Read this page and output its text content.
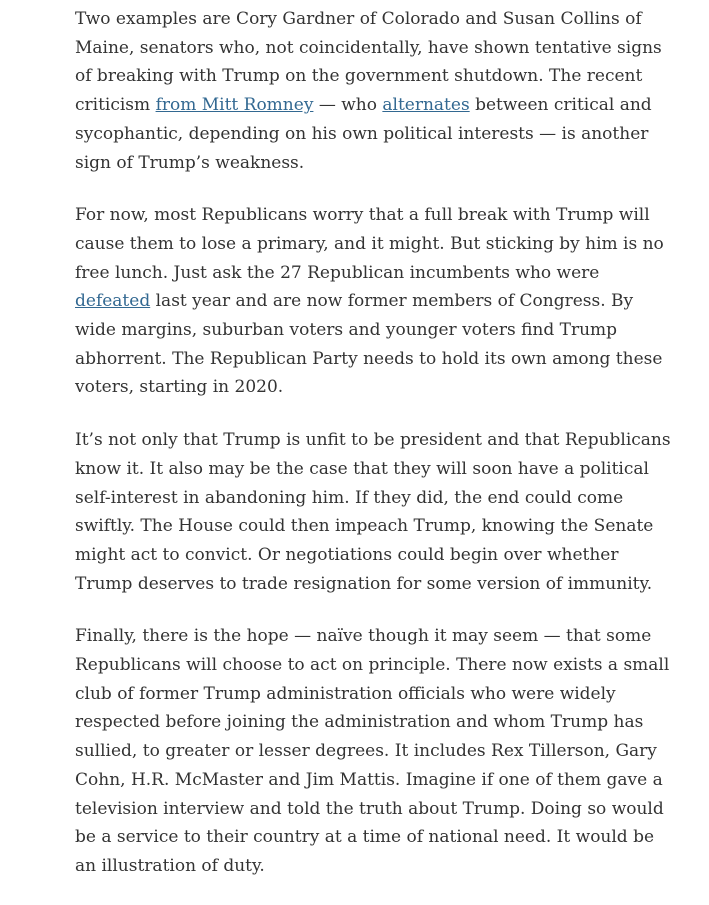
Two examples are Cory Gardner of Colorado and Susan Collins of Maine, senators who, not coincidentally, have shown tentative signs of breaking with Trump on the government shutdown. The recent criticism from Mitt Romney — who alternates between critical and sycophantic, depending on his own political interests — is another sign of Trump’s weakness.

For now, most Republicans worry that a full break with Trump will cause them to lose a primary, and it might. But sticking by him is no free lunch. Just ask the 27 Republican incumbents who were defeated last year and are now former members of Congress. By wide margins, suburban voters and younger voters find Trump abhorrent. The Republican Party needs to hold its own among these voters, starting in 2020.

It’s not only that Trump is unfit to be president and that Republicans know it. It also may be the case that they will soon have a political self-interest in abandoning him. If they did, the end could come swiftly. The House could then impeach Trump, knowing the Senate might act to convict. Or negotiations could begin over whether Trump deserves to trade resignation for some version of immunity.

Finally, there is the hope — naïve though it may seem — that some Republicans will choose to act on principle. There now exists a small club of former Trump administration officials who were widely respected before joining the administration and whom Trump has sullied, to greater or lesser degrees. It includes Rex Tillerson, Gary Cohn, H.R. McMaster and Jim Mattis. Imagine if one of them gave a television interview and told the truth about Trump. Doing so would be a service to their country at a time of national need. It would be an illustration of duty.
